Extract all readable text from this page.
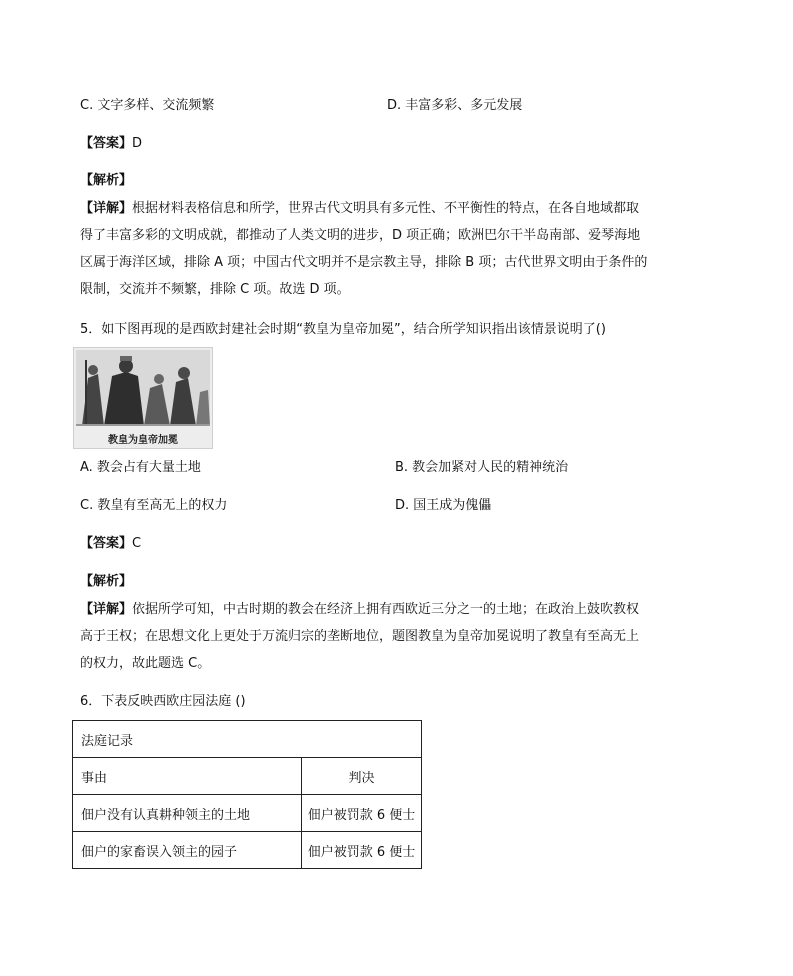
C. 文字多样、交流频繁	D. 丰富多彩、多元发展
【答案】D
【解析】
【详解】根据材料表格信息和所学，世界古代文明具有多元性、不平衡性的特点，在各自地域都取
得了丰富多彩的文明成就，都推动了人类文明的进步，D 项正确；欧洲巴尔干半岛南部、爱琴海地
区属于海洋区域，排除 A 项；中国古代文明并不是宗教主导，排除 B 项；古代世界文明由于条件的
限制，交流并不频繁，排除 C 项。故选 D 项。
5．如下图再现的是西欧封建社会时期“教皇为皇帝加冕”，结合所学知识指出该情景说明了()
教皇为皇帝加冕
A. 教会占有大量土地	B. 教会加紧对人民的精神统治
C. 教皇有至高无上的权力	D. 国王成为傀儡
【答案】C
【解析】
【详解】依据所学可知，中古时期的教会在经济上拥有西欧近三分之一的土地；在政治上鼓吹教权
高于王权；在思想文化上更处于万流归宗的垄断地位，题图教皇为皇帝加冕说明了教皇有至高无上
的权力，故此题选 C。
6．下表反映西欧庄园法庭 ()
法庭记录	
事由	判决
佃户没有认真耕种领主的土地	佃户被罚款 6 便士
佃户的家畜误入领主的园子	佃户被罚款 6 便士
